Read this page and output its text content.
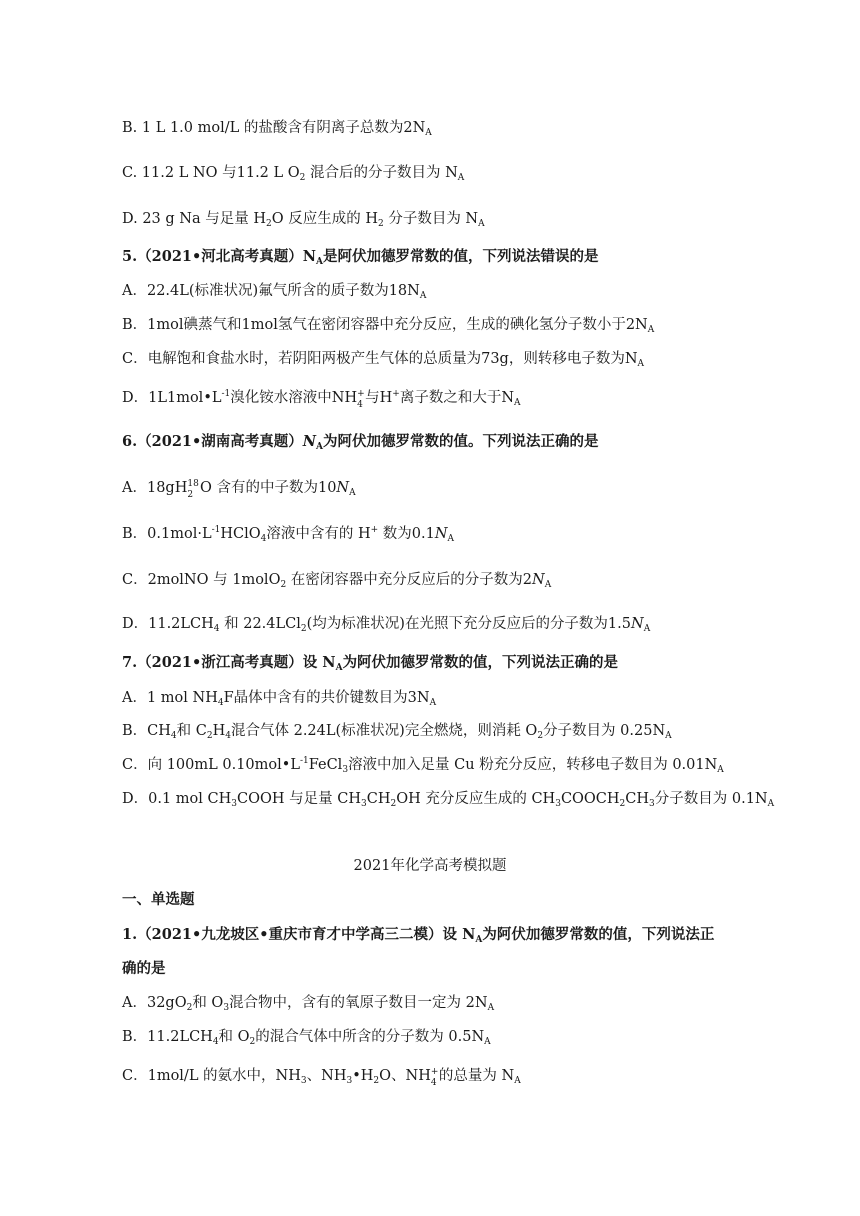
B. 1 L 1.0 mol/L 的盐酸含有阴离子总数为$2N_A$
C. 11.2 L NO 与11.2 L $O_2$ 混合后的分子数目为 $N_A$
D. 23 g Na 与足量 $H_2O$ 反应生成的 $H_2$ 分子数目为 $N_A$
5.（2021•河北高考真题）$N_A$是阿伏加德罗常数的值，下列说法错误的是
A．22.4L(标准状况)氟气所含的质子数为$18N_A$
B．1mol碘蒸气和1mol氢气在密闭容器中充分反应，生成的碘化氢分子数小于$2N_A$
C．电解饱和食盐水时，若阴阳两极产生气体的总质量为73g，则转移电子数为$N_A$
D．$1L1mol•L^{-1}$溴化铵水溶液中NH +
4 与H+离子数之和大于$N_A$
6.（2021•湖南高考真题）$N_A$为阿伏加德罗常数的值。下列说法正确的是
A．18gH 18
2 O 含有的中子数为$10N_A$
B．$0.1mol\cdot L^{-1}HClO_4$溶液中含有的 H+ 数为$0.1N_A$
C．2molNO 与 1molO$_2$ 在密闭容器中充分反应后的分子数为$2N_A$
D．$11.2LCH_4$ 和 22.4LCl$_2$(均为标准状况)在光照下充分反应后的分子数为$1.5N_A$
7.（2021•浙江高考真题）设 $N_A$为阿伏加德罗常数的值，下列说法正确的是
A．1 mol $NH_4F$晶体中含有的共价键数目为$3N_A$
B．$CH_4$和 $C_2H_4$混合气体 2.24L(标准状况)完全燃烧，则消耗 $O_2$分子数目为 $0.25N_A$
C．向 100mL $0.10mol•L^{-1}FeCl_3$溶液中加入足量 Cu 粉充分反应，转移电子数目为 $0.01N_A$
D．0.1 mol $CH_3COOH$ 与足量 $CH_3CH_2OH$ 充分反应生成的 $CH_3COOCH_2CH_3$分子数目为 $0.1N_A$
2021年化学高考模拟题
一、单选题
1.（2021•九龙坡区•重庆市育才中学高三二模）设 $N_A$为阿伏加德罗常数的值，下列说法正
确的是
A．$32gO_2$和 $O_3$混合物中，含有的氧原子数目一定为 $2N_A$
B．$11.2LCH_4$和 $O_2$的混合气体中所含的分子数为 $0.5N_A$
C．1mol/L 的氨水中，$NH_3$、$NH_3•H_2O$、NH +
4 的总量为 $N_A$
